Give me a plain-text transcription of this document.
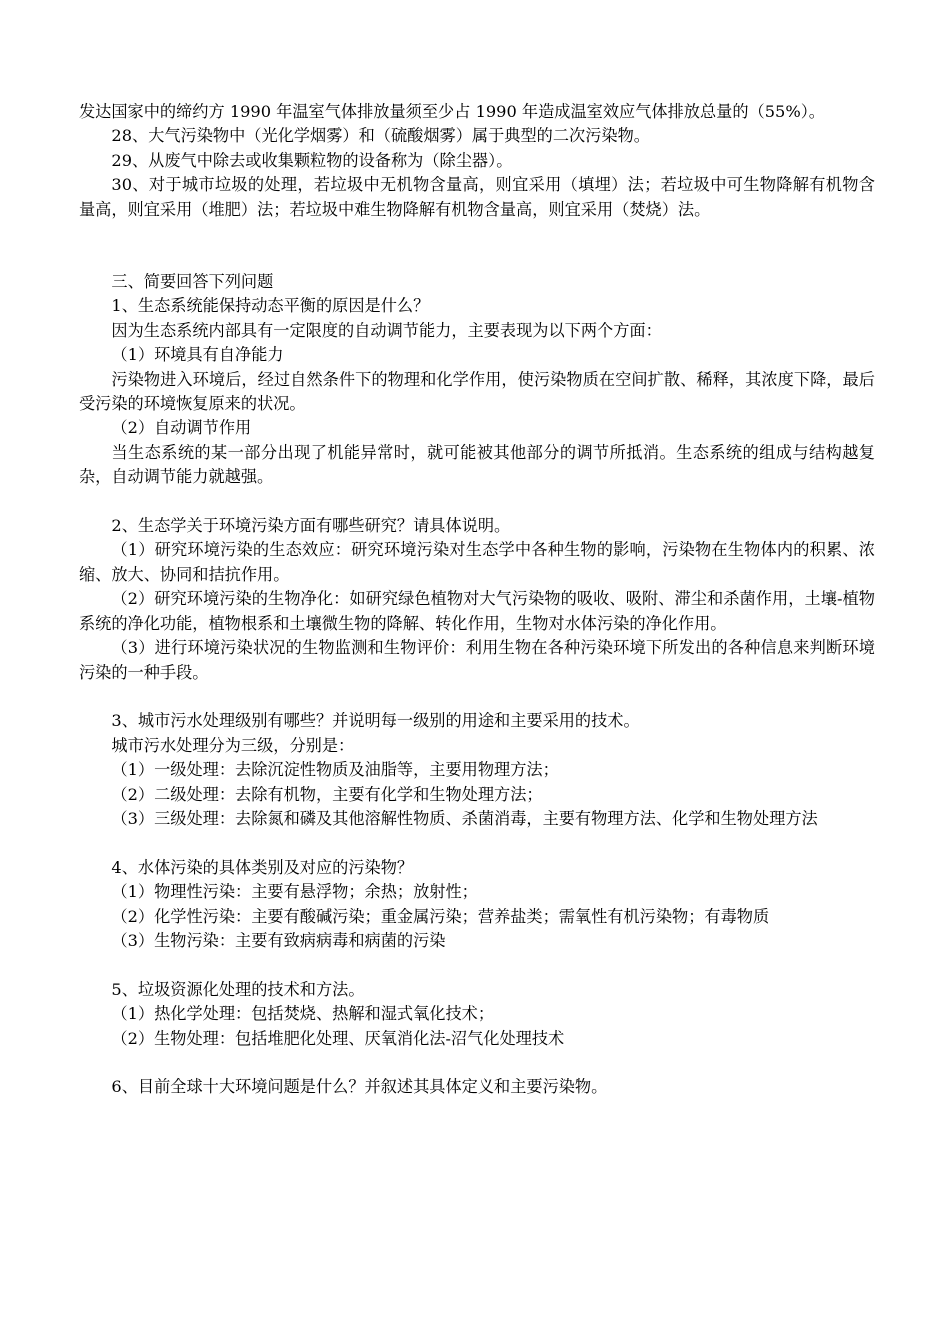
发达国家中的缔约方 1990 年温室气体排放量须至少占 1990 年造成温室效应气体排放总量的（55%）。

28、大气污染物中（光化学烟雾）和（硫酸烟雾）属于典型的二次污染物。

29、从废气中除去或收集颗粒物的设备称为（除尘器）。

30、对于城市垃圾的处理，若垃圾中无机物含量高，则宜采用（填埋）法；若垃圾中可生物降解有机物含量高，则宜采用（堆肥）法；若垃圾中难生物降解有机物含量高，则宜采用（焚烧）法。

三、简要回答下列问题

1、生态系统能保持动态平衡的原因是什么？

因为生态系统内部具有一定限度的自动调节能力，主要表现为以下两个方面：

（1）环境具有自净能力

污染物进入环境后，经过自然条件下的物理和化学作用，使污染物质在空间扩散、稀释，其浓度下降，最后受污染的环境恢复原来的状况。

（2）自动调节作用

当生态系统的某一部分出现了机能异常时，就可能被其他部分的调节所抵消。生态系统的组成与结构越复杂，自动调节能力就越强。

2、生态学关于环境污染方面有哪些研究？请具体说明。

（1）研究环境污染的生态效应：研究环境污染对生态学中各种生物的影响，污染物在生物体内的积累、浓缩、放大、协同和拮抗作用。

（2）研究环境污染的生物净化：如研究绿色植物对大气污染物的吸收、吸附、滞尘和杀菌作用，土壤-植物系统的净化功能，植物根系和土壤微生物的降解、转化作用，生物对水体污染的净化作用。

（3）进行环境污染状况的生物监测和生物评价：利用生物在各种污染环境下所发出的各种信息来判断环境污染的一种手段。

3、城市污水处理级别有哪些？并说明每一级别的用途和主要采用的技术。

城市污水处理分为三级，分别是：

（1）一级处理：去除沉淀性物质及油脂等，主要用物理方法；

（2）二级处理：去除有机物，主要有化学和生物处理方法；

（3）三级处理：去除氮和磷及其他溶解性物质、杀菌消毒，主要有物理方法、化学和生物处理方法

4、水体污染的具体类别及对应的污染物？

（1）物理性污染：主要有悬浮物；余热；放射性；

（2）化学性污染：主要有酸碱污染；重金属污染；营养盐类；需氧性有机污染物；有毒物质

（3）生物污染：主要有致病病毒和病菌的污染

5、垃圾资源化处理的技术和方法。

（1）热化学处理：包括焚烧、热解和湿式氧化技术；

（2）生物处理：包括堆肥化处理、厌氧消化法-沼气化处理技术

6、目前全球十大环境问题是什么？并叙述其具体定义和主要污染物。
